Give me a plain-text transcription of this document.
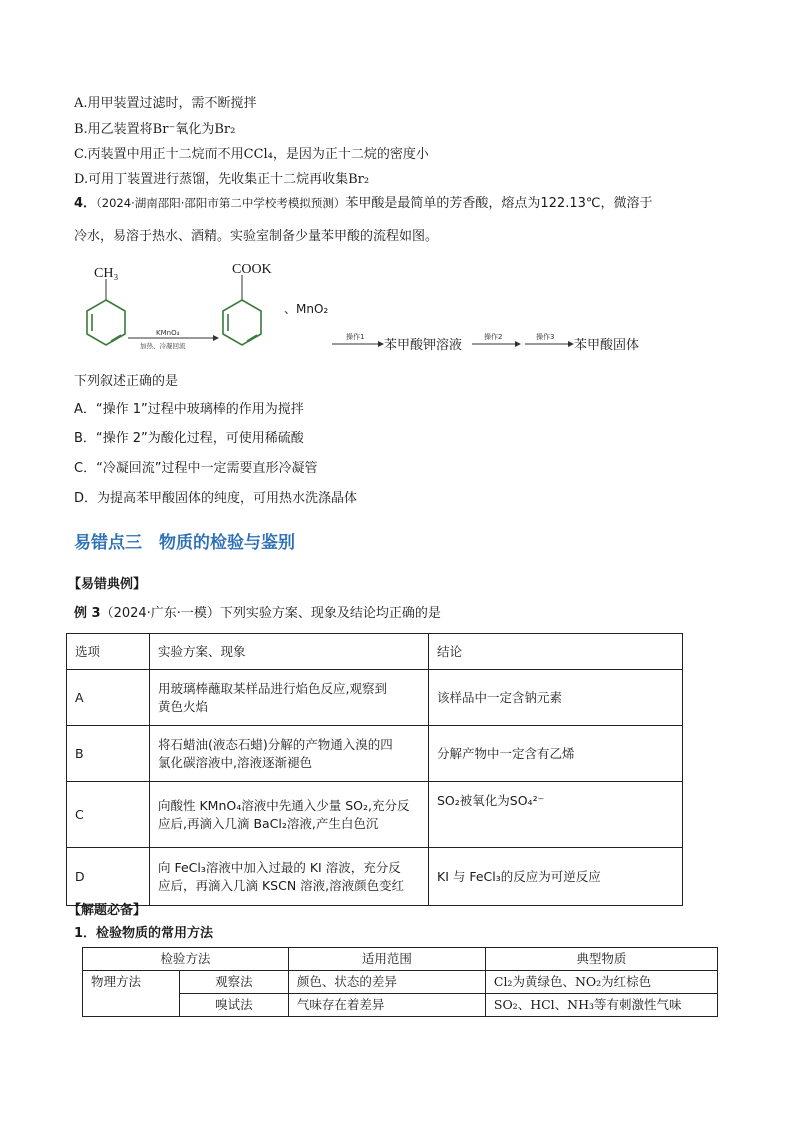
A.用甲装置过滤时，需不断搅拌
B.用乙装置将Br⁻氧化为Br₂
C.丙装置中用正十二烷而不用CCl₄，是因为正十二烷的密度小
D.可用丁装置进行蒸馏，先收集正十二烷再收集Br₂
4．（2024·湖南邵阳·邵阳市第二中学校考模拟预测）苯甲酸是最简单的芳香酸，熔点为122.13℃，微溶于
冷水，易溶于热水、酒精。实验室制备少量苯甲酸的流程如图。
CH₃
KMnO₄
加热、冷凝回流
COOK
、MnO₂
操作1
苯甲酸钾溶液
操作2	操作3
苯甲酸固体
下列叙述正确的是
A．“操作 1”过程中玻璃棒的作用为搅拌
B．“操作 2”为酸化过程，可使用稀硫酸
C．“冷凝回流”过程中一定需要直形冷凝管
D．为提高苯甲酸固体的纯度，可用热水洗涤晶体
易错点三　物质的检验与鉴别
【易错典例】
例 3（2024·广东·一模）下列实验方案、现象及结论均正确的是
选项	实验方案、现象	结论
A	用玻璃棒蘸取某样品进行焰色反应,观察到
黄色火焰	该样品中一定含钠元素
B	将石蜡油(液态石蜡)分解的产物通入溴的四
氯化碳溶液中,溶液逐渐褪色	分解产物中一定含有乙烯
C	向酸性 KMnO₄溶液中先通入少量 SO₂,充分反
应后,再滴入几滴 BaCl₂溶液,产生白色沉	SO₂被氧化为SO₄²⁻
D	向 FeCl₃溶液中加入过最的 KI 溶波，充分反
应后，再滴入几滴 KSCN 溶液,溶液颜色变红	KI 与 FeCl₃的反应为可逆反应
【解题必备】
1．检验物质的常用方法
检验方法		适用范围	典型物质
物理方法	观察法	颜色、状态的差异	Cl₂为黄绿色、NO₂为红棕色
	嗅试法	气味存在着差异	SO₂、HCl、NH₃等有刺激性气味
